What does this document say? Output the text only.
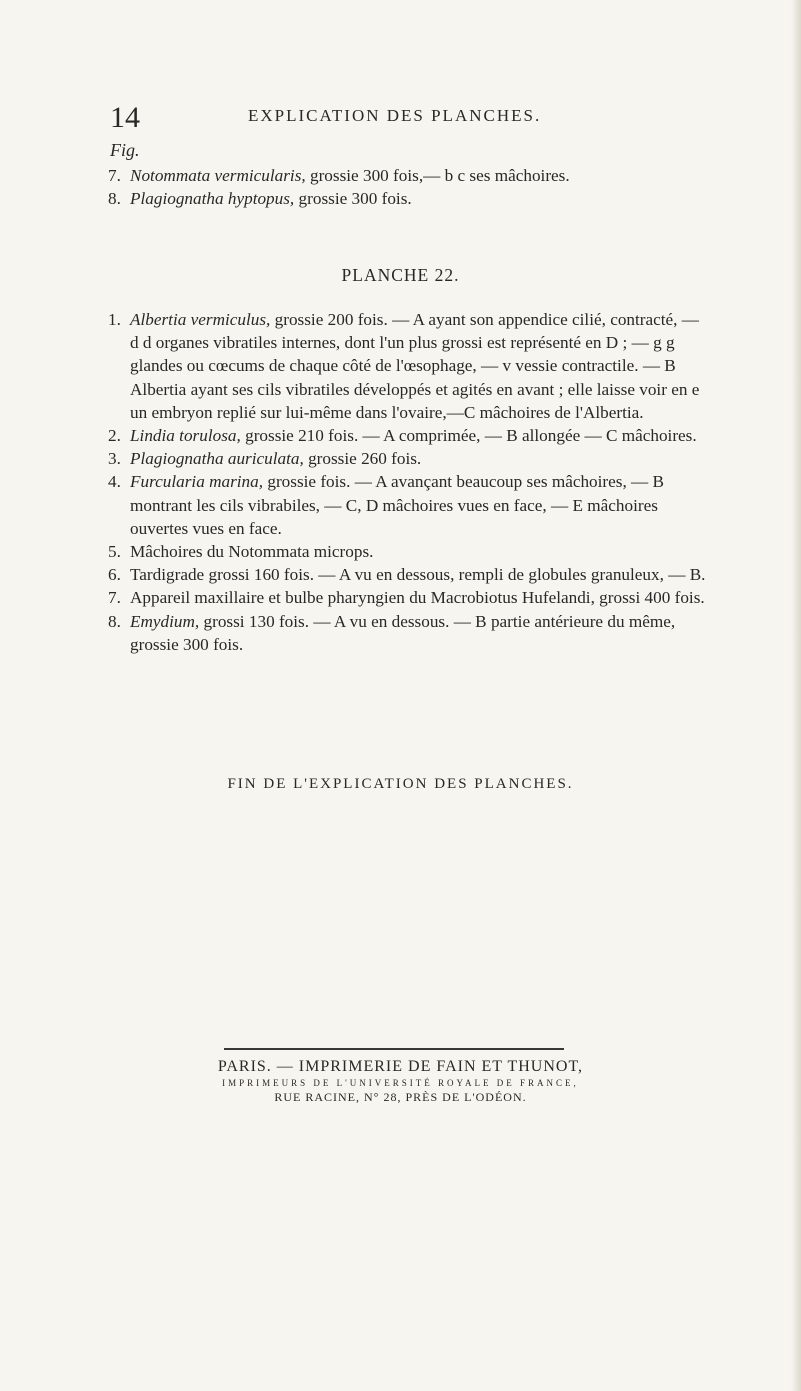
14	EXPLICATION DES PLANCHES.
Fig.
7. Notommata vermicularis, grossie 300 fois,— b c ses mâchoires.
8. Plagiognatha hyptopus, grossie 300 fois.
PLANCHE 22.
1. Albertia vermiculus, grossie 200 fois. — A ayant son appendice cilié, contracté, — d d organes vibratiles internes, dont l'un plus grossi est représenté en D ; — g g glandes ou cœcums de chaque côté de l'œsophage, — v vessie contractile. — B Albertia ayant ses cils vibratiles développés et agités en avant ; elle laisse voir en e un embryon replié sur lui-même dans l'ovaire,—C mâchoires de l'Albertia.
2. Lindia torulosa, grossie 210 fois. — A comprimée, — B allongée — C mâchoires.
3. Plagiognatha auriculata, grossie 260 fois.
4. Furcularia marina, grossie fois. — A avançant beaucoup ses mâchoires, — B montrant les cils vibrabiles, — C, D mâchoires vues en face, — E mâchoires ouvertes vues en face.
5. Mâchoires du Notommata microps.
6. Tardigrade grossi 160 fois. — A vu en dessous, rempli de globules granuleux, — B.
7. Appareil maxillaire et bulbe pharyngien du Macrobiotus Hufelandi, grossi 400 fois.
8. Emydium, grossi 130 fois. — A vu en dessous. — B partie antérieure du même, grossie 300 fois.
FIN DE L'EXPLICATION DES PLANCHES.
PARIS. — IMPRIMERIE DE FAIN ET THUNOT,
IMPRIMEURS DE L'UNIVERSITÉ ROYALE DE FRANCE,
RUE RACINE, N° 28, PRÈS DE L'ODÉON.
